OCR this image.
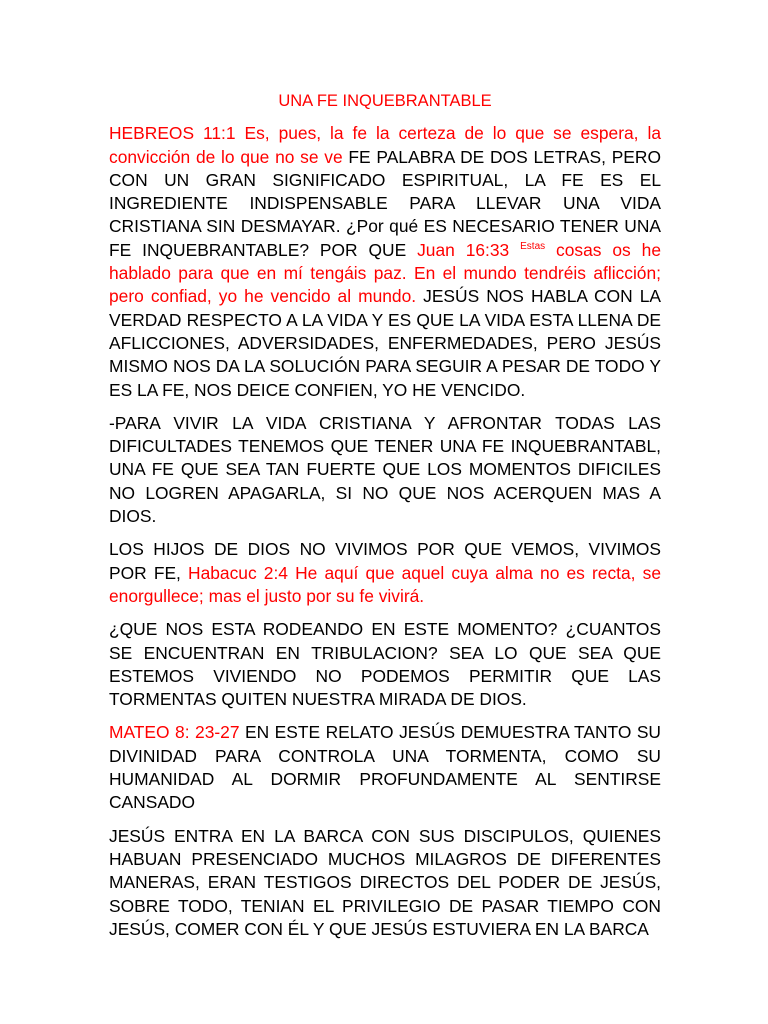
UNA FE INQUEBRANTABLE

HEBREOS 11:1 Es, pues, la fe la certeza de lo que se espera, la convicción de lo que no se ve FE PALABRA DE DOS LETRAS, PERO CON UN GRAN SIGNIFICADO ESPIRITUAL, LA FE ES EL INGREDIENTE INDISPENSABLE PARA LLEVAR UNA VIDA CRISTIANA SIN DESMAYAR. ¿Por qué ES NECESARIO TENER UNA FE INQUEBRANTABLE? POR QUE Juan 16:33 $^{Estas}$ cosas os he hablado para que en mí tengáis paz. En el mundo tendréis aflicción; pero confiad, yo he vencido al mundo. JESÚS NOS HABLA CON LA VERDAD RESPECTO A LA VIDA Y ES QUE LA VIDA ESTA LLENA DE AFLICCIONES, ADVERSIDADES, ENFERMEDADES, PERO JESÚS MISMO NOS DA LA SOLUCIÓN PARA SEGUIR A PESAR DE TODO Y ES LA FE, NOS DEICE CONFIEN, YO HE VENCIDO.

-PARA VIVIR LA VIDA CRISTIANA Y AFRONTAR TODAS LAS DIFICULTADES TENEMOS QUE TENER UNA FE INQUEBRANTABL, UNA FE QUE SEA TAN FUERTE QUE LOS MOMENTOS DIFICILES NO LOGREN APAGARLA, SI NO QUE NOS ACERQUEN MAS A DIOS.

LOS HIJOS DE DIOS NO VIVIMOS POR QUE VEMOS, VIVIMOS POR FE, Habacuc 2:4 He aquí que aquel cuya alma no es recta, se enorgullece; mas el justo por su fe vivirá.

¿QUE NOS ESTA RODEANDO EN ESTE MOMENTO? ¿CUANTOS SE ENCUENTRAN EN TRIBULACION? SEA LO QUE SEA QUE ESTEMOS VIVIENDO NO PODEMOS PERMITIR QUE LAS TORMENTAS QUITEN NUESTRA MIRADA DE DIOS.

MATEO 8: 23-27 EN ESTE RELATO JESÚS DEMUESTRA TANTO SU DIVINIDAD PARA CONTROLA UNA TORMENTA, COMO SU HUMANIDAD AL DORMIR PROFUNDAMENTE AL SENTIRSE CANSADO

JESÚS ENTRA EN LA BARCA CON SUS DISCIPULOS, QUIENES HABUAN PRESENCIADO MUCHOS MILAGROS DE DIFERENTES MANERAS, ERAN TESTIGOS DIRECTOS DEL PODER DE JESÚS, SOBRE TODO, TENIAN EL PRIVILEGIO DE PASAR TIEMPO CON JESÚS, COMER CON ÉL Y QUE JESÚS ESTUVIERA EN LA BARCA
